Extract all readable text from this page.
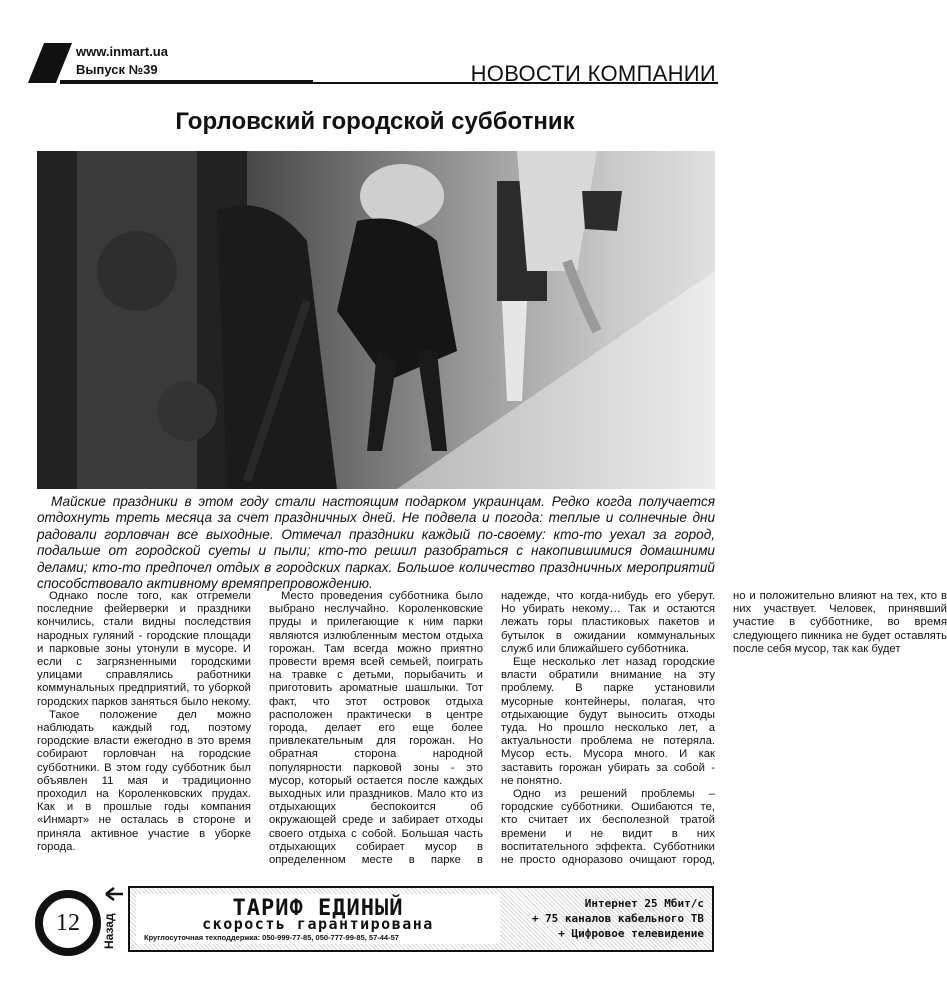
www.inmart.ua
Выпуск №39	НОВОСТИ КОМПАНИИ
Горловский городской субботник

Майские праздники в этом году стали настоящим подарком украинцам. Редко когда получается отдохнуть треть месяца за счет праздничных дней. Не подвела и погода: теплые и солнечные дни радовали горловчан все выходные. Отмечал праздники каждый по-своему: кто-то уехал за город, подальше от городской суеты и пыли; кто-то решил разобраться с накопившимися домашними делами; кто-то предпочел отдых в городских парках. Большое количество праздничных мероприятий способствовало активному времяпрепровождению.

Однако после того, как отгремели последние фейерверки и праздники кончились, стали видны последствия народных гуляний - городские площади и парковые зоны утонули в мусоре. И если с загрязненными городскими улицами справлялись работники коммунальных предприятий, то уборкой городских парков заняться было некому.

Такое положение дел можно наблюдать каждый год, поэтому городские власти ежегодно в это время собирают горловчан на городские субботники. В этом году субботник был объявлен 11 мая и традиционно проходил на Короленковских прудах. Как и в прошлые годы компания «Инмарт» не осталась в стороне и приняла активное участие в уборке города.

Место проведения субботника было выбрано неслучайно. Короленковские пруды и прилегающие к ним парки являются излюбленным местом отдыха горожан. Там всегда можно приятно провести время всей семьей, поиграть на травке с детьми, порыбачить и приготовить ароматные шашлыки. Тот факт, что этот островок отдыха расположен практически в центре города, делает его еще более привлекательным для горожан. Но обратная сторона народной популярности парковой зоны - это мусор, который остается после каждых выходных или праздников. Мало кто из отдыхающих беспокоится об окружающей среде и забирает отходы своего отдыха с собой. Большая часть отдыхающих собирает мусор в определенном месте в парке в надежде, что когда-нибудь его уберут. Но убирать некому… Так и остаются лежать горы пластиковых пакетов и бутылок в ожидании коммунальных служб или ближайшего субботника.

Еще несколько лет назад городские власти обратили внимание на эту проблему. В парке установили мусорные контейнеры, полагая, что отдыхающие будут выносить отходы туда. Но прошло несколько лет, а актуальности проблема не потеряла. Мусор есть. Мусора много. И как заставить горожан убирать за собой - не понятно.

Одно из решений проблемы – городские субботники. Ошибаются те, кто считает их бесполезной тратой времени и не видит в них воспитательного эффекта. Субботники не просто одноразово очищают город, но и положительно влияют на тех, кто в них участвует. Человек, принявший участие в субботнике, во время следующего пикника не будет оставлять после себя мусор, так как будет

12	Назад
ТАРИФ ЕДИНЫЙ
скорость гарантирована
Круглосуточная техподдержка: 050-999-77-85, 050-777-99-85, 57-44-57
Интернет 25 Мбит/с
+ 75 каналов кабельного ТВ
+ Цифровое телевидение
